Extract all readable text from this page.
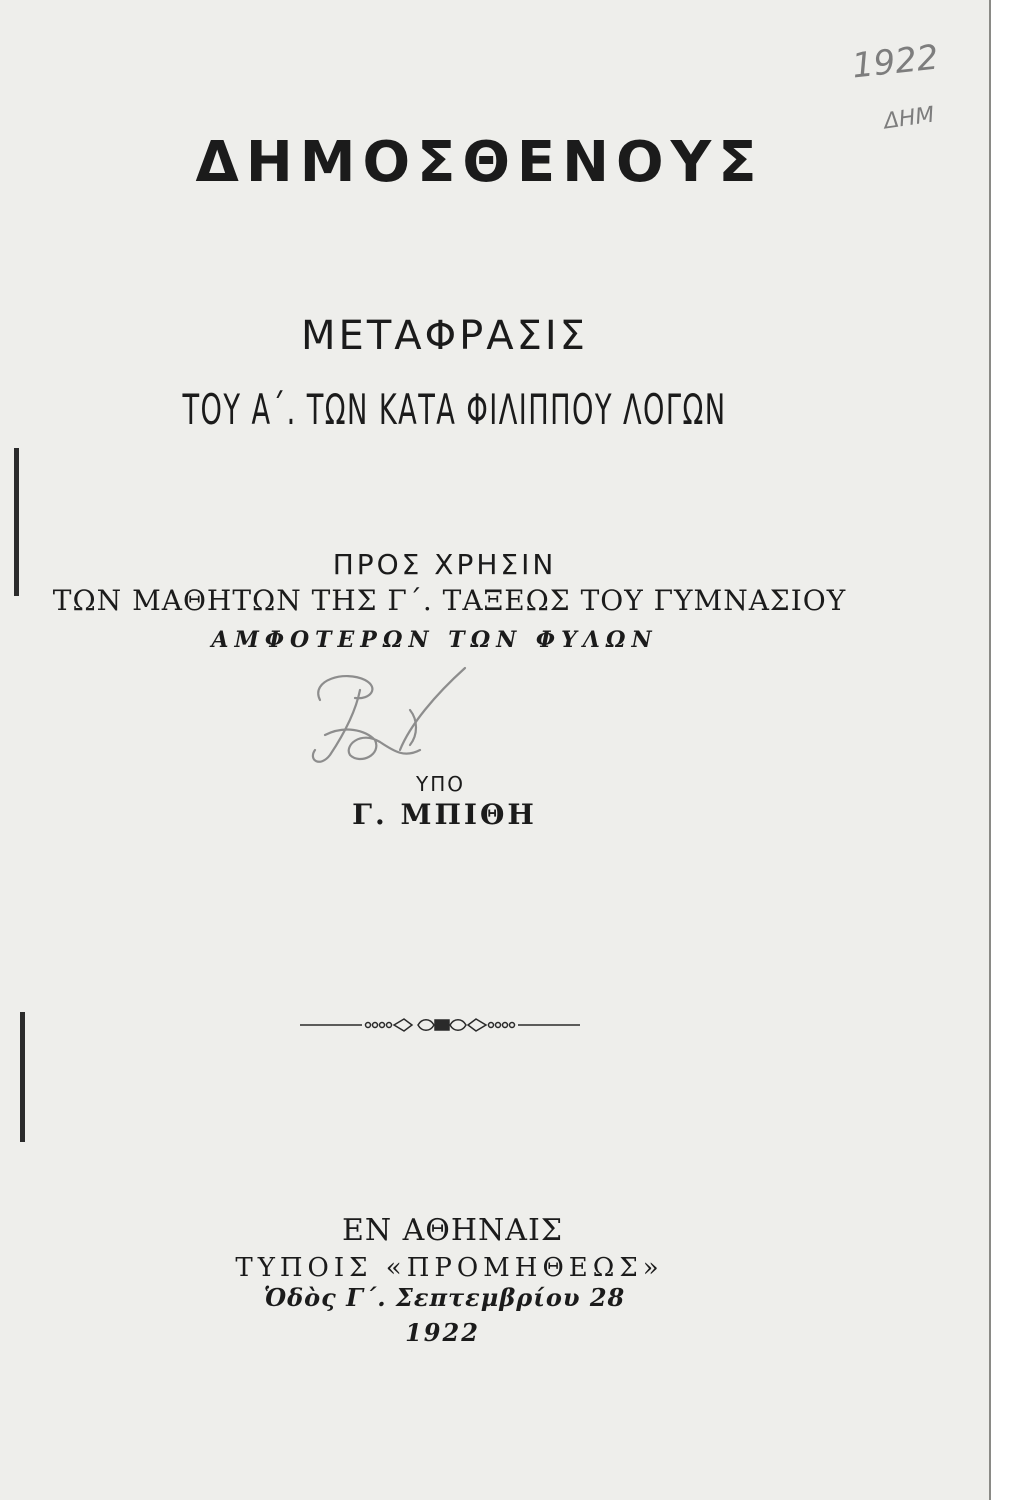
1922
ΔΗΜ
ΔΗΜΟΣΘΕΝΟΥΣ
ΜΕΤΑΦΡΑΣΙΣ
ΤΟΥ Α΄. ΤΩΝ ΚΑΤΑ ΦΙΛΙΠΠΟΥ ΛΟΓΩΝ
ΠΡΟΣ ΧΡΗΣΙΝ
ΤΩΝ ΜΑΘΗΤΩΝ ΤΗΣ Γ΄. ΤΑΞΕΩΣ ΤΟΥ ΓΥΜΝΑΣΙΟΥ
ΑΜΦΟΤΕΡΩΝ ΤΩΝ ΦΥΛΩΝ
ΥΠΟ
Γ. ΜΠΙΘΗ
ΕΝ ΑΘΗΝΑΙΣ
ΤΥΠΟΙΣ «ΠΡΟΜΗΘΕΩΣ»
Ὁδὸς Γ΄. Σεπτεμβρίου 28
1922
